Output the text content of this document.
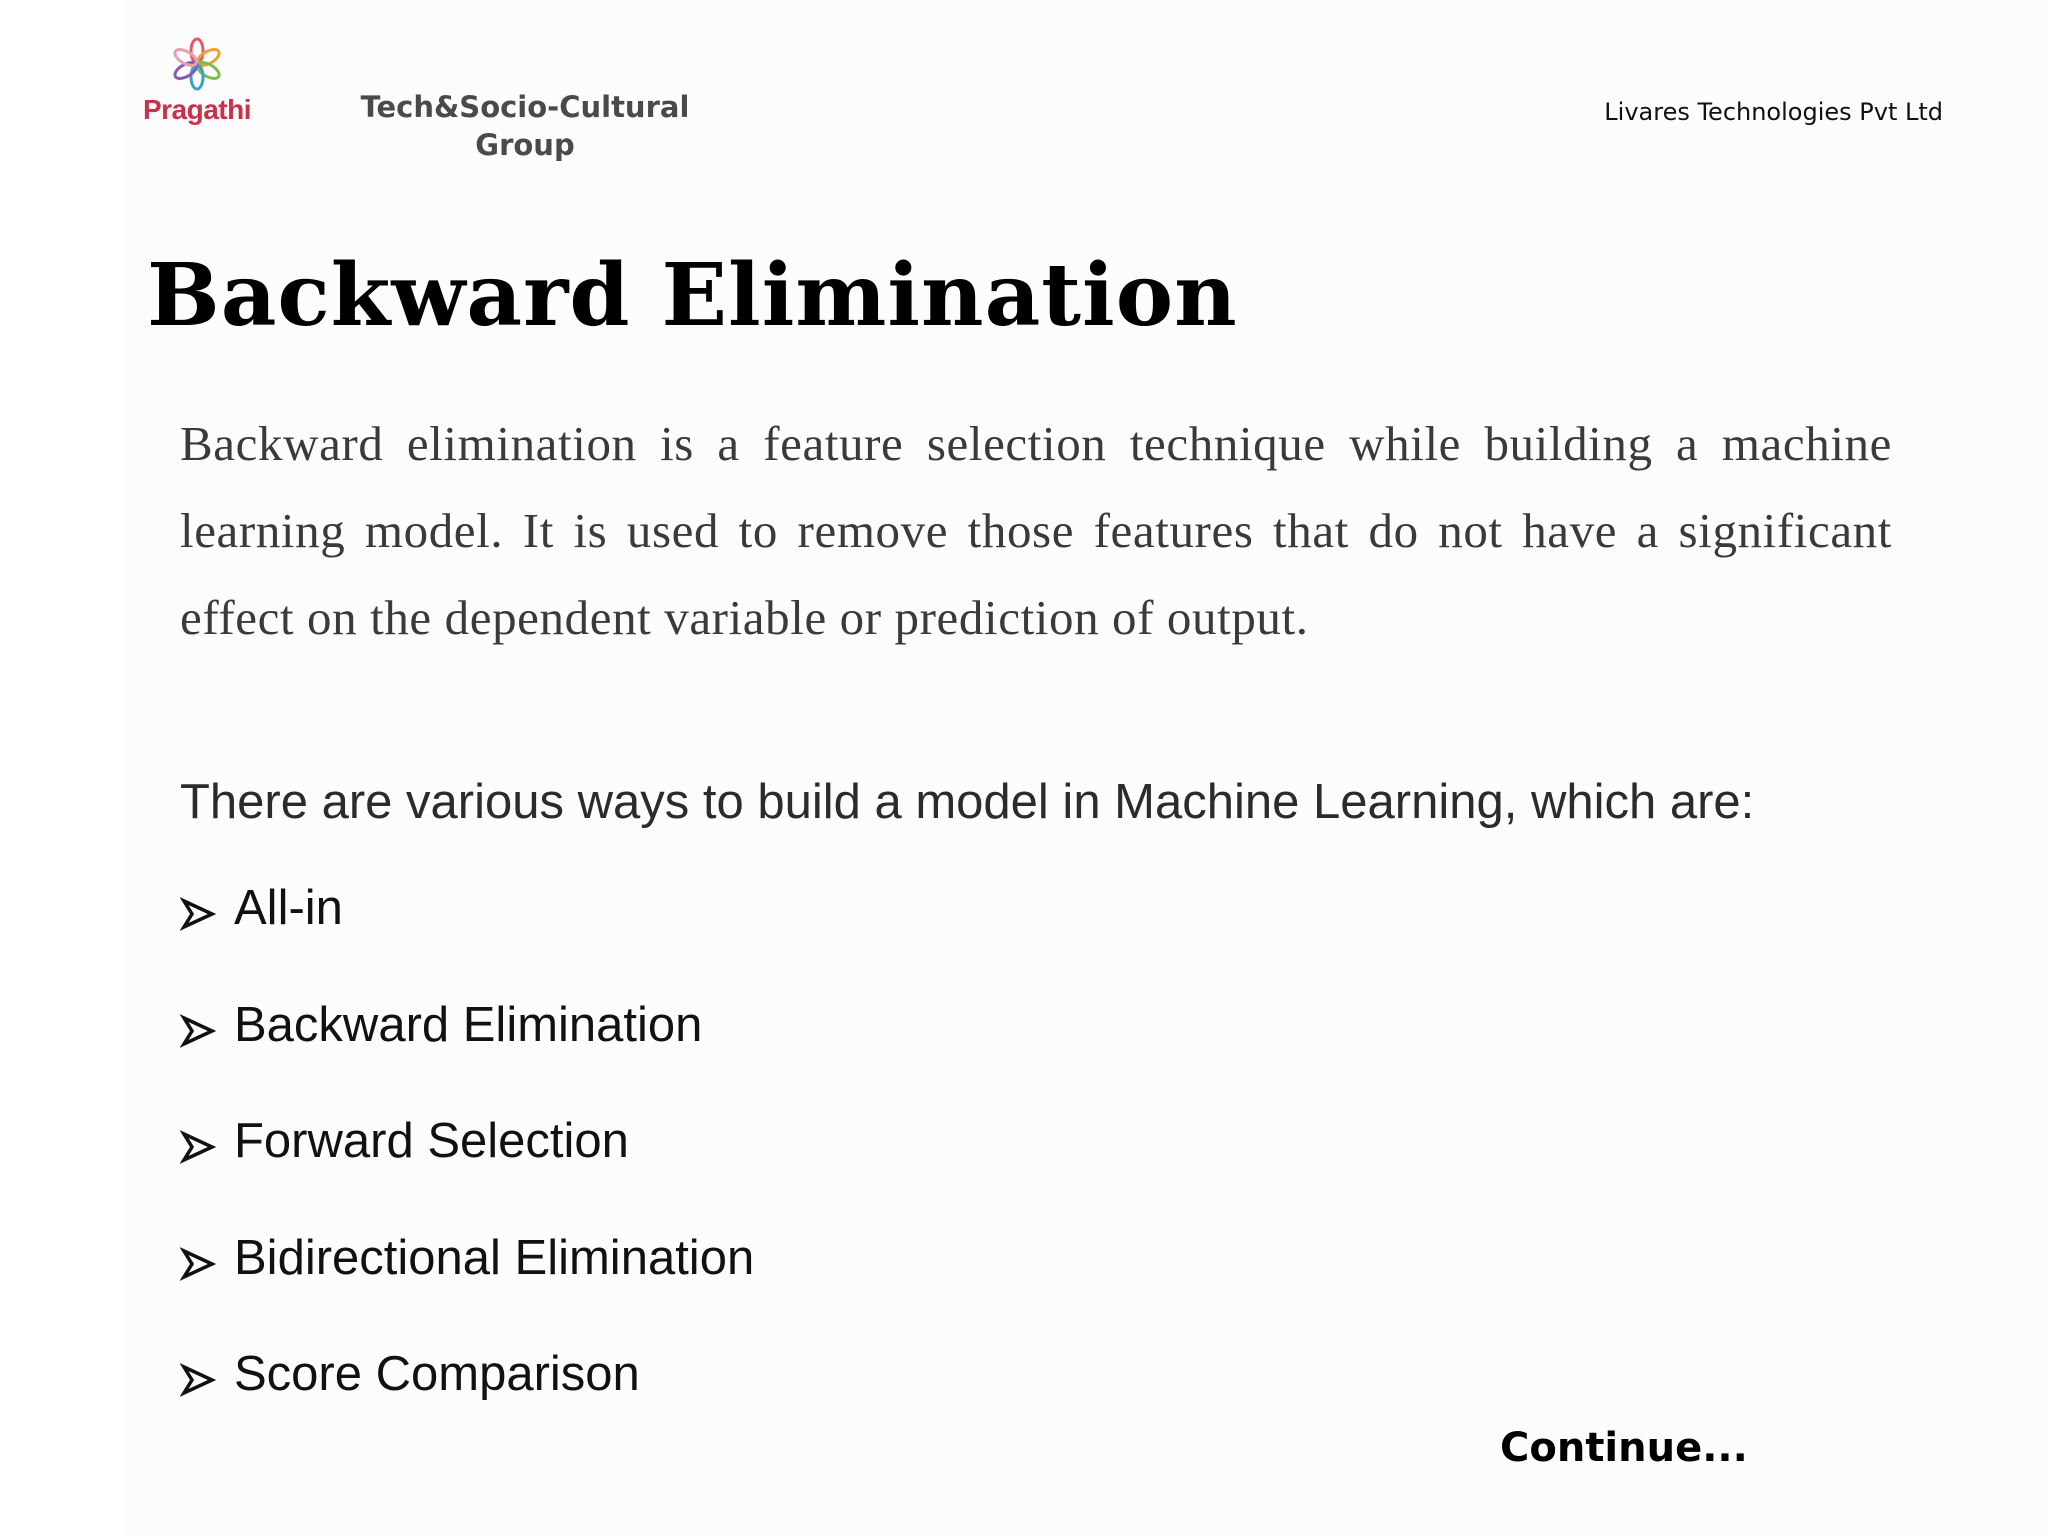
Pragathi	Tech&Socio-Cultural
Group
Livares Technologies Pvt Ltd
Backward Elimination

Backward elimination is a feature selection technique while building a machine learning model. It is used to remove those features that do not have a significant effect on the dependent variable or prediction of output.

There are various ways to build a model in Machine Learning, which are:

All-in
Backward Elimination
Forward Selection
Bidirectional Elimination
Score Comparison
Continue...
